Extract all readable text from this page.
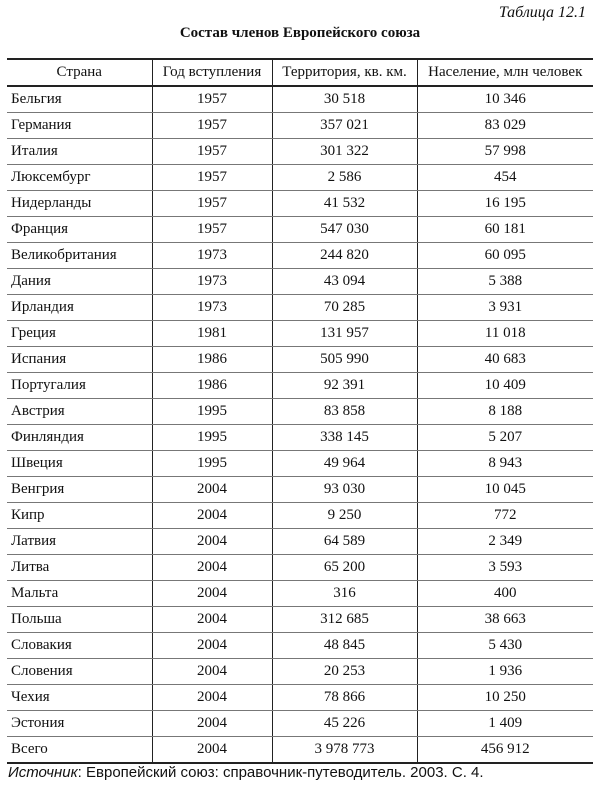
Таблица 12.1
Состав членов Европейского союза
Страна	Год вступления	Территория, кв. км.	Население, млн человек
Бельгия	1957	30 518	10 346
Германия	1957	357 021	83 029
Италия	1957	301 322	57 998
Люксембург	1957	2 586	454
Нидерланды	1957	41 532	16 195
Франция	1957	547 030	60 181
Великобритания	1973	244 820	60 095
Дания	1973	43 094	5 388
Ирландия	1973	70 285	3 931
Греция	1981	131 957	11 018
Испания	1986	505 990	40 683
Португалия	1986	92 391	10 409
Австрия	1995	83 858	8 188
Финляндия	1995	338 145	5 207
Швеция	1995	49 964	8 943
Венгрия	2004	93 030	10 045
Кипр	2004	9 250	772
Латвия	2004	64 589	2 349
Литва	2004	65 200	3 593
Мальта	2004	316	400
Польша	2004	312 685	38 663
Словакия	2004	48 845	5 430
Словения	2004	20 253	1 936
Чехия	2004	78 866	10 250
Эстония	2004	45 226	1 409
Всего	2004	3 978 773	456 912
Источник: Европейский союз: справочник-путеводитель. 2003. С. 4.
